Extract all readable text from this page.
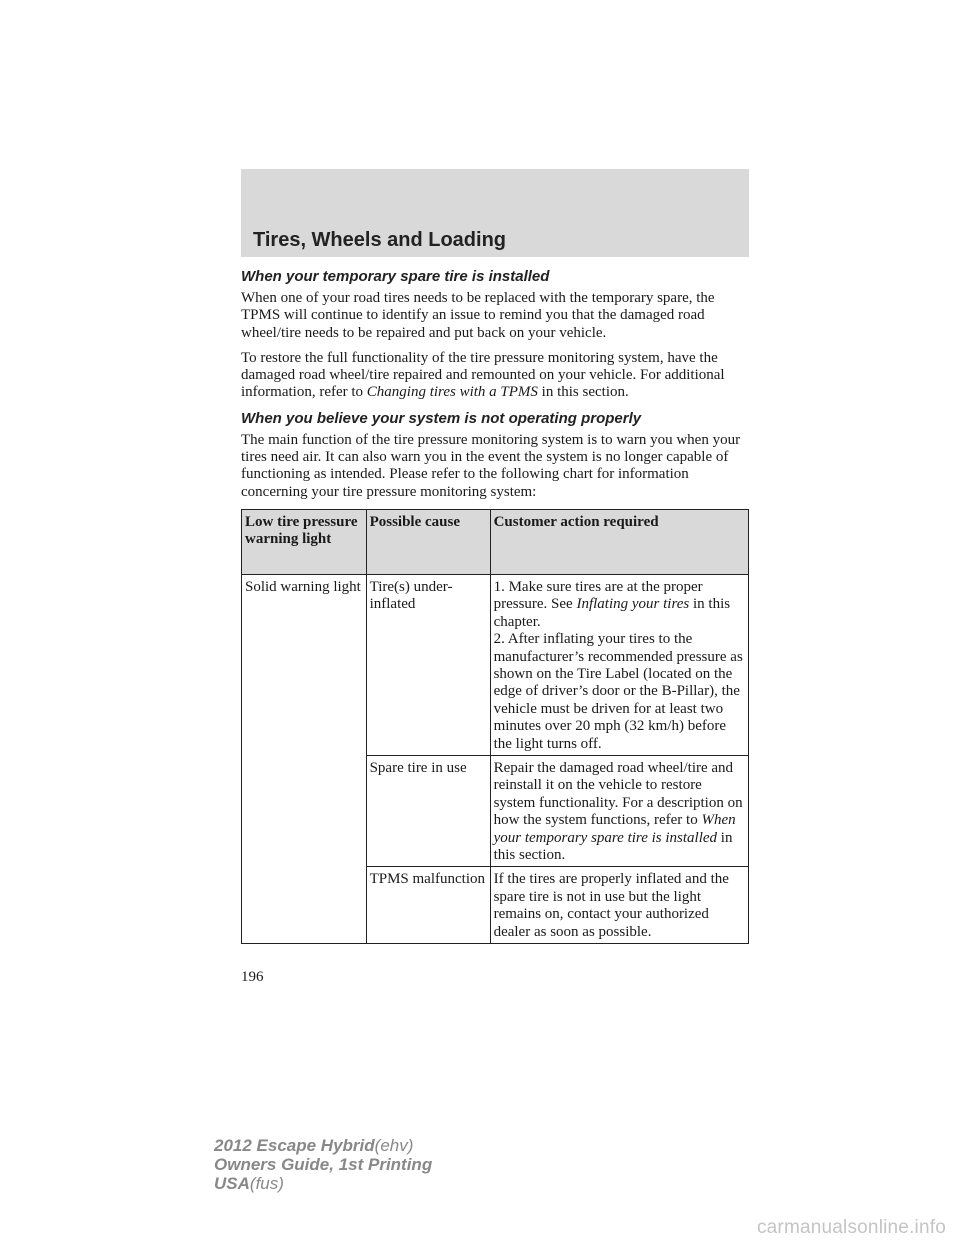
Tires, Wheels and Loading
When your temporary spare tire is installed

When one of your road tires needs to be replaced with the temporary spare, the TPMS will continue to identify an issue to remind you that the damaged road wheel/tire needs to be repaired and put back on your vehicle.

To restore the full functionality of the tire pressure monitoring system, have the damaged road wheel/tire repaired and remounted on your vehicle. For additional information, refer to Changing tires with a TPMS in this section.

When you believe your system is not operating properly

The main function of the tire pressure monitoring system is to warn you when your tires need air. It can also warn you in the event the system is no longer capable of functioning as intended. Please refer to the following chart for information concerning your tire pressure monitoring system:

Low tire pressure warning light	Possible cause	Customer action required
Solid warning light	Tire(s) under-inflated	1. Make sure tires are at the proper pressure. See Inflating your tires in this chapter.
2. After inflating your tires to the manufacturer’s recommended pressure as shown on the Tire Label (located on the edge of driver’s door or the B-Pillar), the vehicle must be driven for at least two minutes over 20 mph (32 km/h) before the light turns off.

	Spare tire in use	Repair the damaged road wheel/tire and reinstall it on the vehicle to restore system functionality. For a description on how the system functions, refer to When your temporary spare tire is installed in this section.
	TPMS malfunction	If the tires are properly inflated and the spare tire is not in use but the light remains on, contact your authorized dealer as soon as possible.
196
2012 Escape Hybrid(ehv)
Owners Guide, 1st Printing
USA(fus)
carmanualsonline.info
